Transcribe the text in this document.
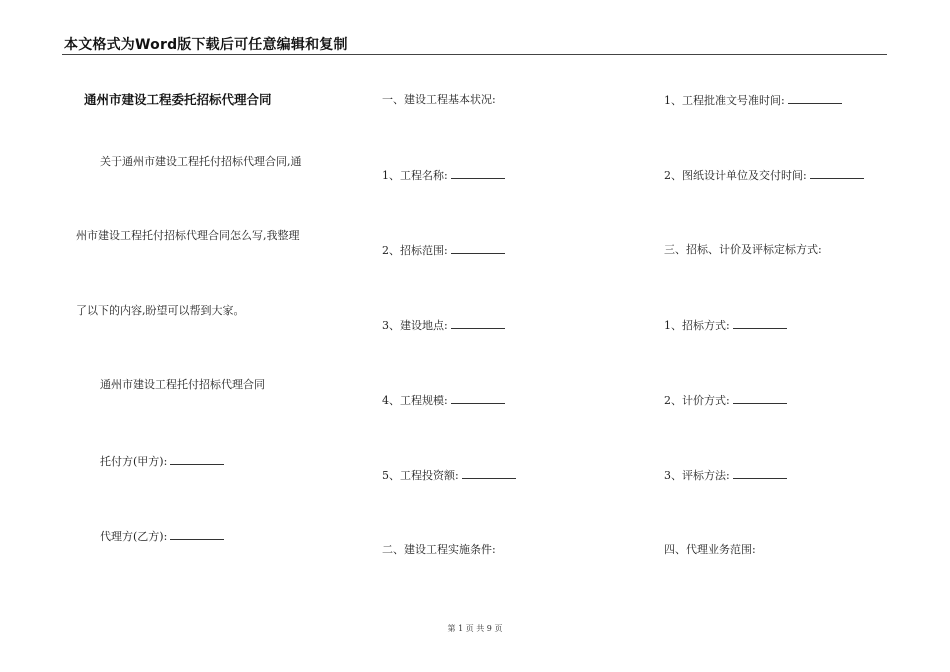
本文格式为Word版下载后可任意编辑和复制
通州市建设工程委托招标代理合同
关于通州市建设工程托付招标代理合同,通
州市建设工程托付招标代理合同怎么写,我整理
了以下的内容,盼望可以帮到大家。
通州市建设工程托付招标代理合同
托付方(甲方):
代理方(乙方):
一、建设工程基本状况:
1、工程名称:
2、招标范围:
3、建设地点:
4、工程规模:
5、工程投资额:
二、建设工程实施条件:
1、工程批准文号准时间:
2、图纸设计单位及交付时间:
三、招标、计价及评标定标方式:
1、招标方式:
2、计价方式:
3、评标方法:
四、代理业务范围:
第 1 页 共 9 页
